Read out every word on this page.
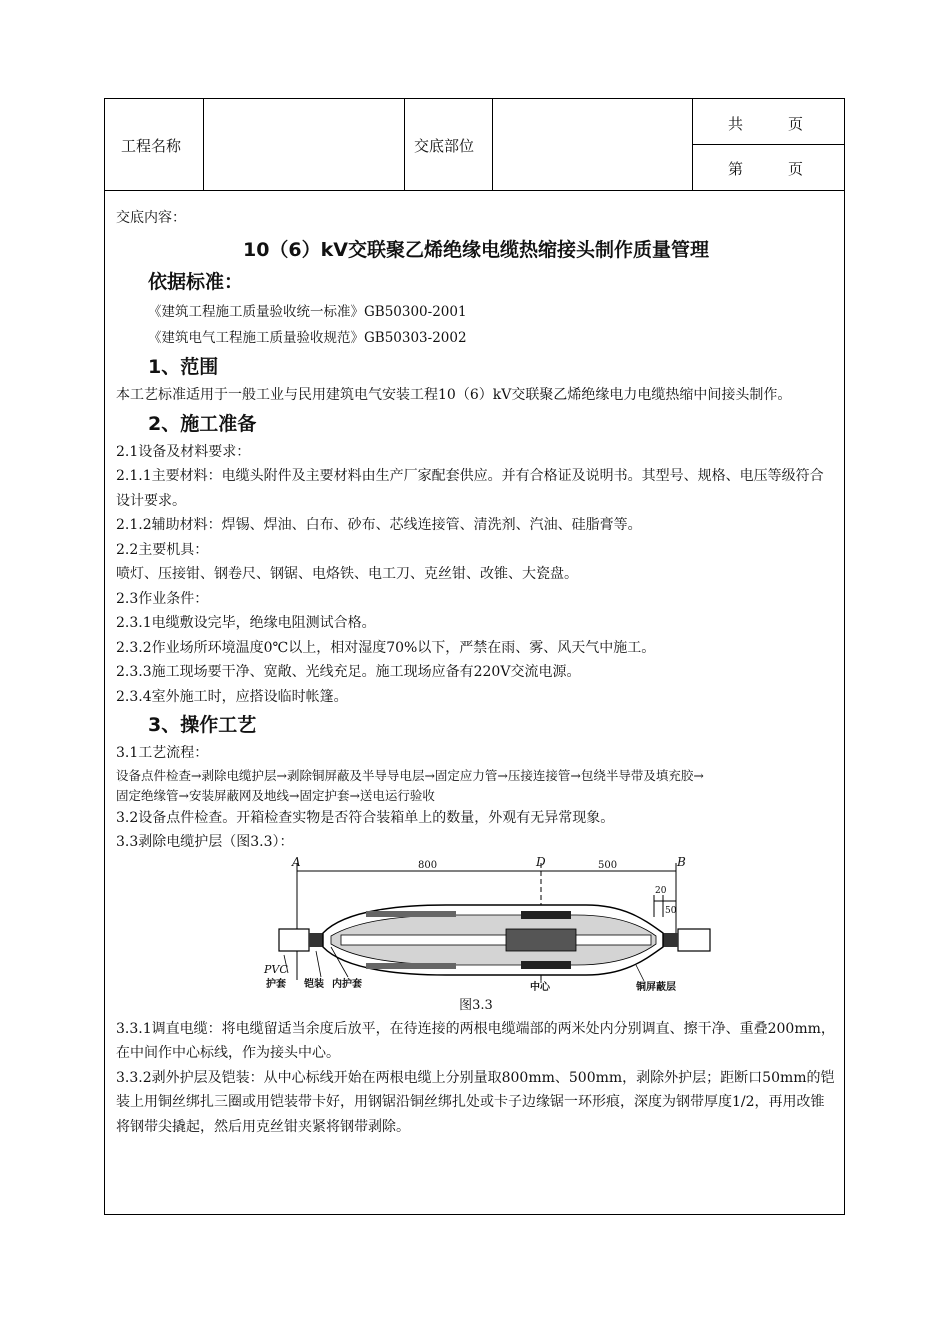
工程名称	交底部位
共　　　页
第　　　页

交底内容：

10（6）kV交联聚乙烯绝缘电缆热缩接头制作质量管理

依据标准：

《建筑工程施工质量验收统一标准》GB50300-2001

《建筑电气工程施工质量验收规范》GB50303-2002

1、范围

本工艺标准适用于一般工业与民用建筑电气安装工程10（6）kV交联聚乙烯绝缘电力电缆热缩中间接头制作。

2、施工准备

2.1设备及材料要求：

2.1.1主要材料：电缆头附件及主要材料由生产厂家配套供应。并有合格证及说明书。其型号、规格、电压等级符合设计要求。

2.1.2辅助材料：焊锡、焊油、白布、砂布、芯线连接管、清洗剂、汽油、硅脂膏等。

2.2主要机具：

喷灯、压接钳、钢卷尺、钢锯、电烙铁、电工刀、克丝钳、改锥、大瓷盘。

2.3作业条件：

2.3.1电缆敷设完毕，绝缘电阻测试合格。

2.3.2作业场所环境温度0℃以上，相对湿度70%以下，严禁在雨、雾、风天气中施工。

2.3.3施工现场要干净、宽敞、光线充足。施工现场应备有220V交流电源。

2.3.4室外施工时，应搭设临时帐篷。

3、操作工艺

3.1工艺流程：

设备点件检查→剥除电缆护层→剥除铜屏蔽及半导导电层→固定应力管→压接连接管→包绕半导带及填充胶→

固定绝缘管→安装屏蔽网及地线→固定护套→送电运行验收

3.2设备点件检查。开箱检查实物是否符合装箱单上的数量，外观有无异常现象。

3.3剥除电缆护层（图3.3）：

A	D	B
800	500
20
50
PVC
护套 铠装 内护套	中心	铜屏蔽层

图3.3

3.3.1调直电缆：将电缆留适当余度后放平，在待连接的两根电缆端部的两米处内分别调直、擦干净、重叠200mm，在中间作中心标线，作为接头中心。

3.3.2剥外护层及铠装：从中心标线开始在两根电缆上分别量取800mm、500mm，剥除外护层；距断口50mm的铠装上用铜丝绑扎三圈或用铠装带卡好，用钢锯沿铜丝绑扎处或卡子边缘锯一环形痕，深度为钢带厚度1/2，再用改锥将钢带尖撬起，然后用克丝钳夹紧将钢带剥除。
